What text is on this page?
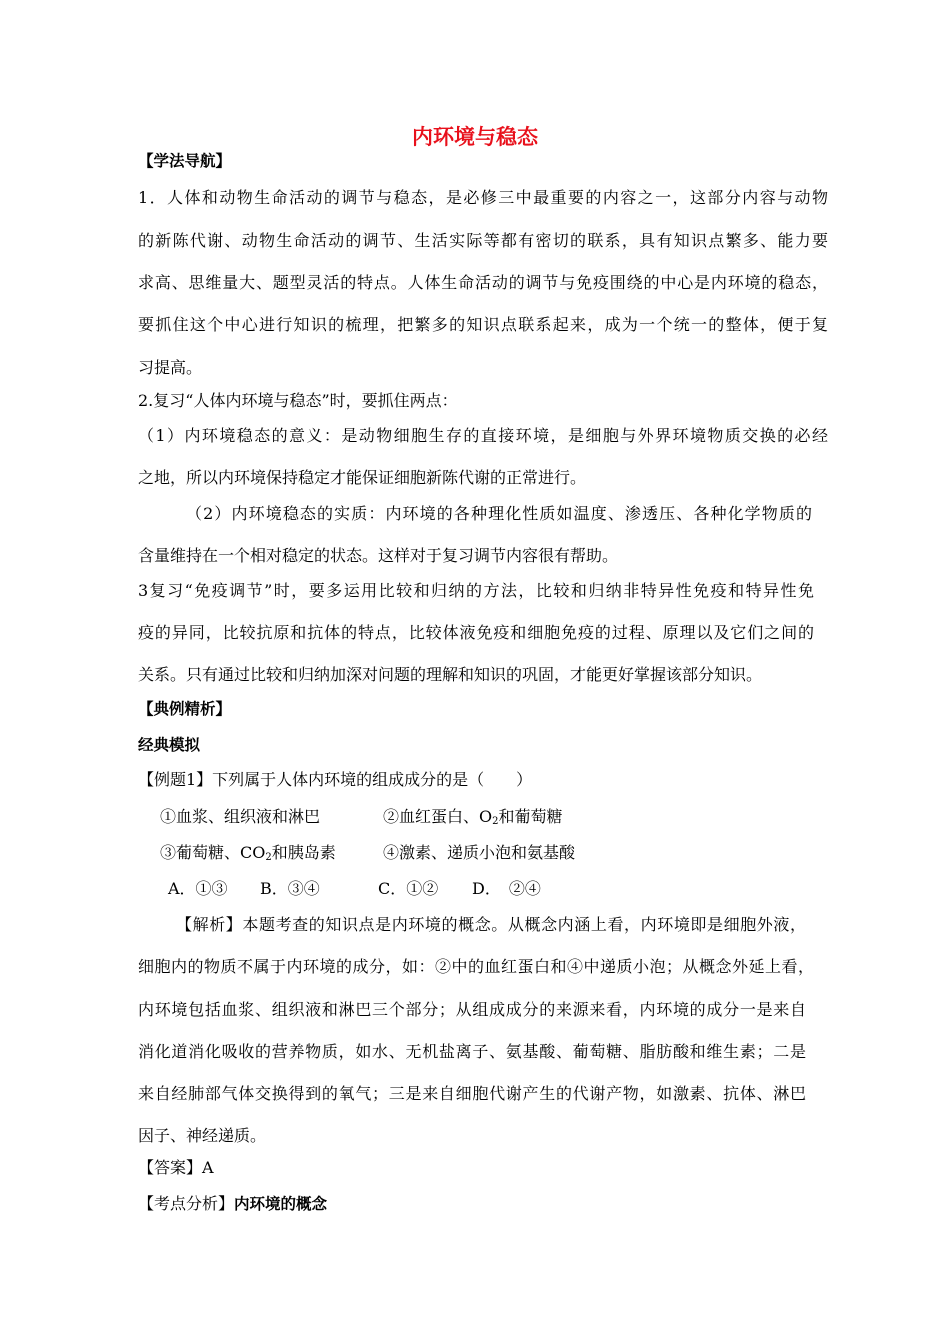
内环境与稳态
【学法导航】
1．人体和动物生命活动的调节与稳态，是必修三中最重要的内容之一，这部分内容与动物
的新陈代谢、动物生命活动的调节、生活实际等都有密切的联系，具有知识点繁多、能力要
求高、思维量大、题型灵活的特点。人体生命活动的调节与免疫围绕的中心是内环境的稳态，
要抓住这个中心进行知识的梳理，把繁多的知识点联系起来，成为一个统一的整体，便于复
习提高。
2.复习“人体内环境与稳态”时，要抓住两点：
（1）内环境稳态的意义：是动物细胞生存的直接环境，是细胞与外界环境物质交换的必经
之地，所以内环境保持稳定才能保证细胞新陈代谢的正常进行。
（2）内环境稳态的实质：内环境的各种理化性质如温度、渗透压、各种化学物质的
含量维持在一个相对稳定的状态。这样对于复习调节内容很有帮助。
3复习“免疫调节”时，要多运用比较和归纳的方法，比较和归纳非特异性免疫和特异性免
疫的异同，比较抗原和抗体的特点，比较体液免疫和细胞免疫的过程、原理以及它们之间的
关系。只有通过比较和归纳加深对问题的理解和知识的巩固，才能更好掌握该部分知识。
【典例精析】
经典模拟
【例题1】下列属于人体内环境的组成成分的是（　　）
①血浆、组织液和淋巴	②血红蛋白、$O_2$和葡萄糖
③葡萄糖、$CO_2$和胰岛素	④激素、递质小泡和氨基酸
A．①③ B．③④	C．①② D．　②④
【解析】本题考查的知识点是内环境的概念。从概念内涵上看，内环境即是细胞外液，
细胞内的物质不属于内环境的成分，如：②中的血红蛋白和④中递质小泡；从概念外延上看，
内环境包括血浆、组织液和淋巴三个部分；从组成成分的来源来看，内环境的成分一是来自
消化道消化吸收的营养物质，如水、无机盐离子、氨基酸、葡萄糖、脂肪酸和维生素；二是
来自经肺部气体交换得到的氧气；三是来自细胞代谢产生的代谢产物，如激素、抗体、淋巴
因子、神经递质。
【答案】A
【考点分析】内环境的概念
